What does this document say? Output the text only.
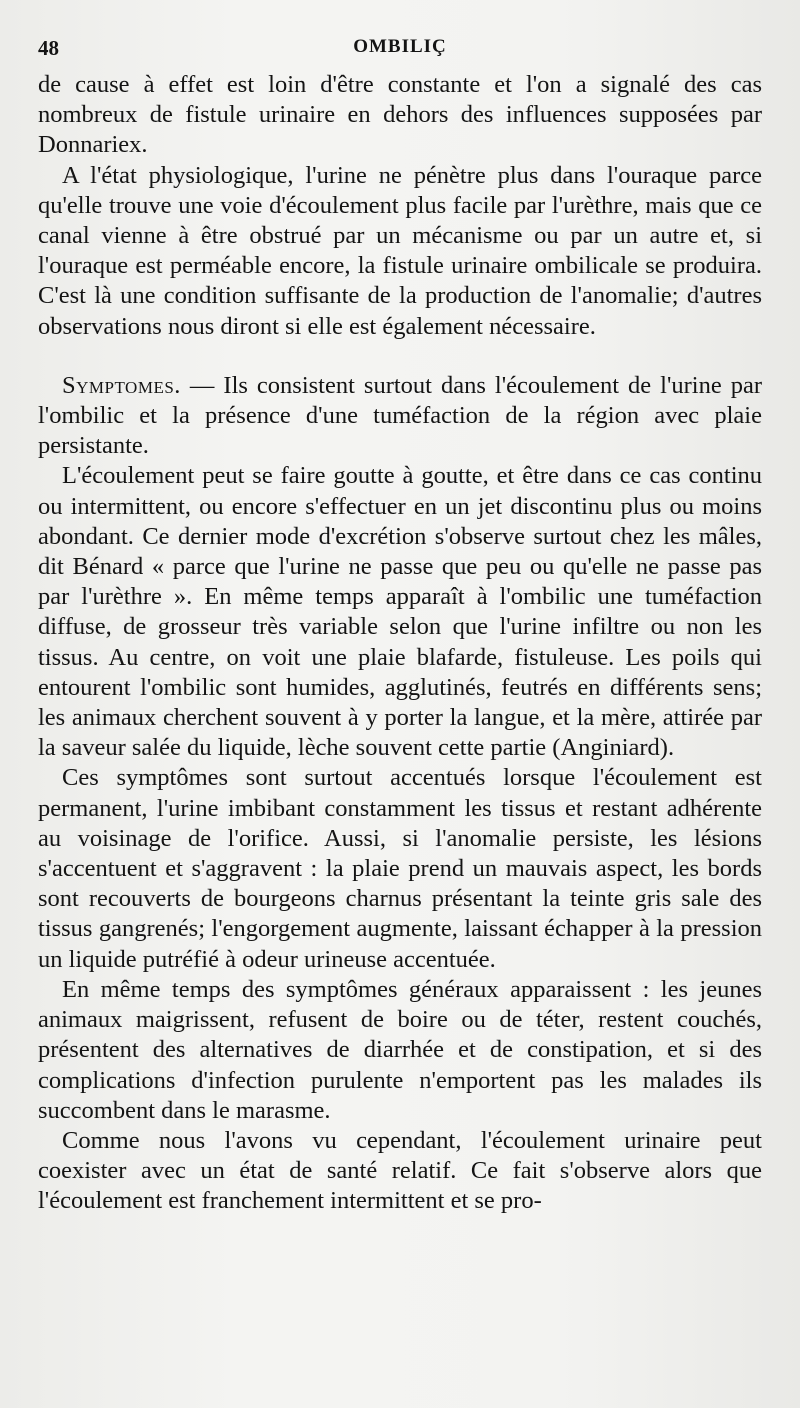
48	OMBILIÇ

de cause à effet est loin d'être constante et l'on a signalé des cas nombreux de fistule urinaire en dehors des influences supposées par Donnariex.

A l'état physiologique, l'urine ne pénètre plus dans l'ouraque parce qu'elle trouve une voie d'écoulement plus facile par l'urèthre, mais que ce canal vienne à être obstrué par un mécanisme ou par un autre et, si l'ouraque est perméable encore, la fistule urinaire ombilicale se produira. C'est là une condition suffisante de la production de l'anomalie; d'autres observations nous diront si elle est également nécessaire.

Symptomes. — Ils consistent surtout dans l'écoulement de l'urine par l'ombilic et la présence d'une tuméfaction de la région avec plaie persistante.

L'écoulement peut se faire goutte à goutte, et être dans ce cas continu ou intermittent, ou encore s'effectuer en un jet discontinu plus ou moins abondant. Ce dernier mode d'excrétion s'observe surtout chez les mâles, dit Bénard « parce que l'urine ne passe que peu ou qu'elle ne passe pas par l'urèthre ». En même temps apparaît à l'ombilic une tuméfaction diffuse, de grosseur très variable selon que l'urine infiltre ou non les tissus. Au centre, on voit une plaie blafarde, fistuleuse. Les poils qui entourent l'ombilic sont humides, agglutinés, feutrés en différents sens; les animaux cherchent souvent à y porter la langue, et la mère, attirée par la saveur salée du liquide, lèche souvent cette partie (Anginiard).

Ces symptômes sont surtout accentués lorsque l'écoulement est permanent, l'urine imbibant constamment les tissus et restant adhérente au voisinage de l'orifice. Aussi, si l'anomalie persiste, les lésions s'accentuent et s'aggravent : la plaie prend un mauvais aspect, les bords sont recouverts de bourgeons charnus présentant la teinte gris sale des tissus gangrenés; l'engorgement augmente, laissant échapper à la pression un liquide putréfié à odeur urineuse accentuée.

En même temps des symptômes généraux apparaissent : les jeunes animaux maigrissent, refusent de boire ou de téter, restent couchés, présentent des alternatives de diarrhée et de constipation, et si des complications d'infection purulente n'emportent pas les malades ils succombent dans le marasme.

Comme nous l'avons vu cependant, l'écoulement urinaire peut coexister avec un état de santé relatif. Ce fait s'observe alors que l'écoulement est franchement intermittent et se pro-
